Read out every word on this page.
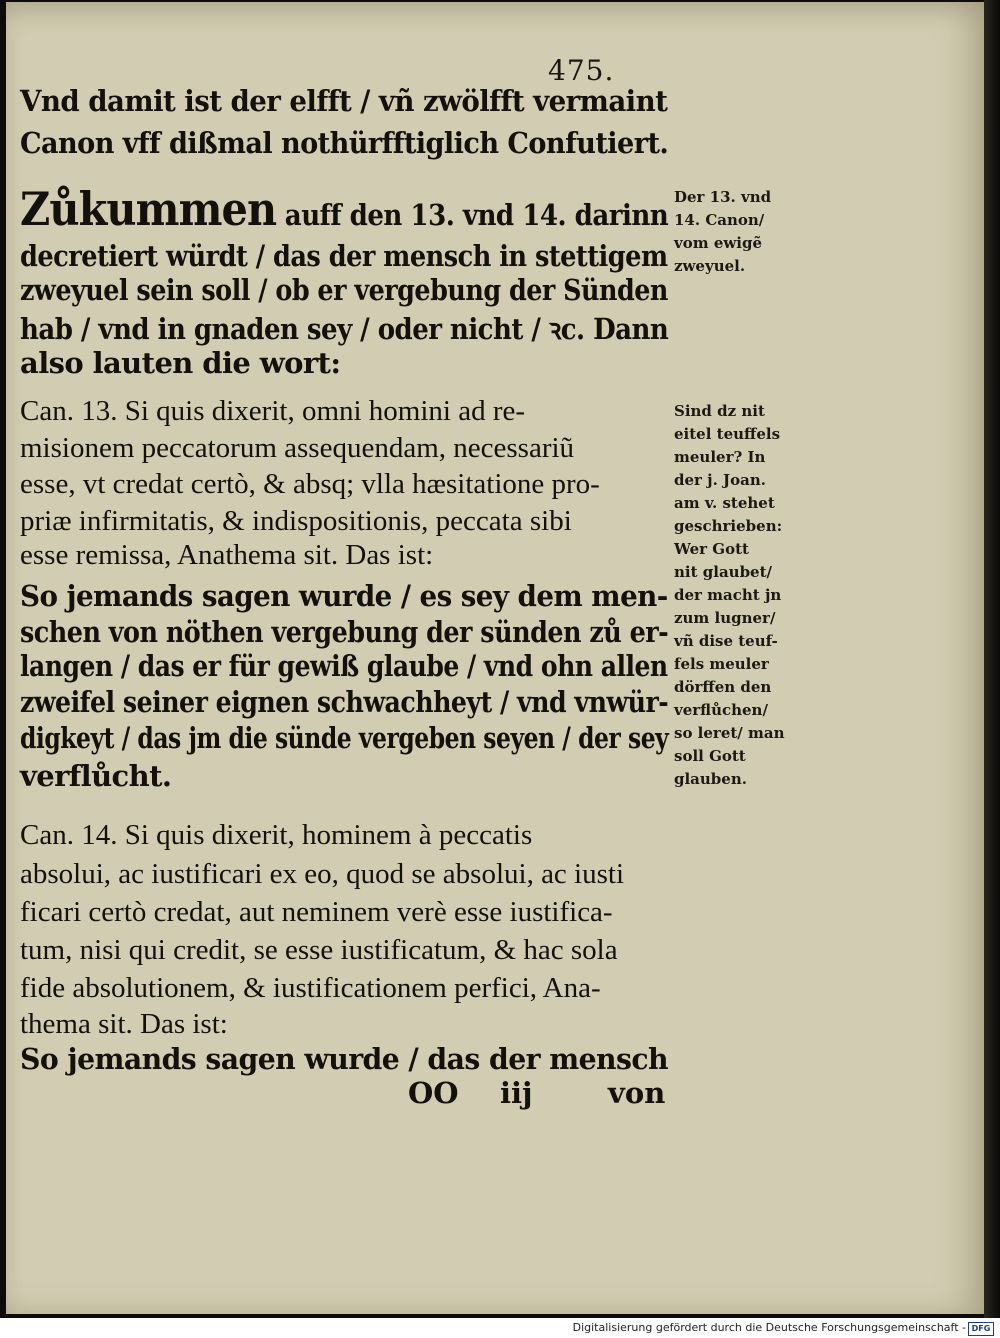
475.
Vnd damit ist der elfft / vñ zwölfft vermaint
Canon vff dißmal nothürfftiglich Confutiert.
Zůkummen auff den 13. vnd 14. darinn
decretiert würdt / das der mensch in stettigem
zweyuel sein soll / ob er vergebung der Sünden
hab / vnd in gnaden sey / oder nicht / ꝛc. Dann
also lauten die wort:
Can. 13. Si quis dixerit, omni homini ad re-
misionem peccatorum assequendam, necessariũ
esse, vt credat certò, & absq; vlla hæsitatione pro-
priæ infirmitatis, & indispositionis, peccata sibi
esse remissa, Anathema sit. Das ist:
So jemands sagen wurde / es sey dem men-
schen von nöthen vergebung der sünden zů er-
langen / das er für gewiß glaube / vnd ohn allen
zweifel seiner eignen schwachheyt / vnd vnwür-
digkeyt / das jm die sünde vergeben seyen / der sey
verflůcht.
Can. 14. Si quis dixerit, hominem à peccatis
absolui, ac iustificari ex eo, quod se absolui, ac iusti
ficari certò credat, aut neminem verè esse iustifica-
tum, nisi qui credit, se esse iustificatum, & hac sola
fide absolutionem, & iustificationem perfici, Ana-
thema sit. Das ist:
So jemands sagen wurde / das der mensch
Der 13. vnd
14. Canon/
vom ewigẽ
zweyuel.
Sind dz nit
eitel teuffels
meuler? In
der j. Joan.
am v. stehet
geschrieben:
Wer Gott
nit glaubet/
der macht jn
zum lugner/
vñ dise teuf-
fels meuler
dörffen den
verflůchen/
so leret/ man
soll Gott
glauben.
OO iij	von
Digitalisierung gefördert durch die Deutsche Forschungsgemeinschaft - DFG
